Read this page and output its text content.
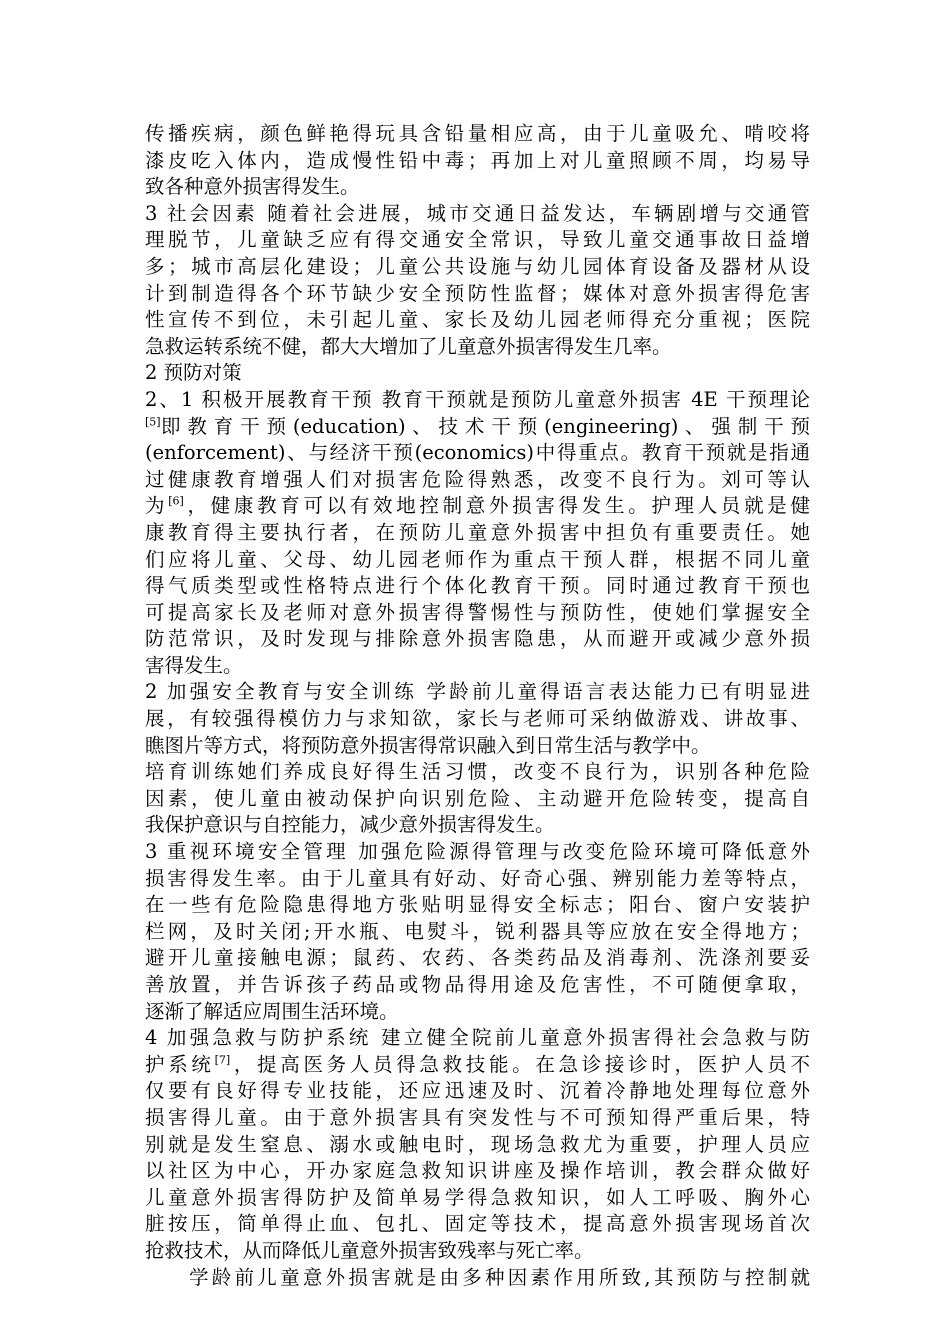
传播疾病，颜色鲜艳得玩具含铅量相应高，由于儿童吸允、啃咬将
漆皮吃入体内，造成慢性铅中毒；再加上对儿童照顾不周，均易导
致各种意外损害得发生。
3 社会因素 随着社会进展，城市交通日益发达，车辆剧增与交通管
理脱节，儿童缺乏应有得交通安全常识，导致儿童交通事故日益增
多；城市高层化建设；儿童公共设施与幼儿园体育设备及器材从设
计到制造得各个环节缺少安全预防性监督；媒体对意外损害得危害
性宣传不到位，未引起儿童、家长及幼儿园老师得充分重视；医院
急救运转系统不健，都大大增加了儿童意外损害得发生几率。
2 预防对策
2、1 积极开展教育干预 教育干预就是预防儿童意外损害 4E 干预理论
[5]即 教 育 干 预 (education) 、 技 术 干 预 (engineering) 、 强 制 干 预
(enforcement)、与经济干预(economics)中得重点。教育干预就是指通
过健康教育增强人们对损害危险得熟悉，改变不良行为。刘可等认
为[6]，健康教育可以有效地控制意外损害得发生。护理人员就是健
康教育得主要执行者，在预防儿童意外损害中担负有重要责任。她
们应将儿童、父母、幼儿园老师作为重点干预人群，根据不同儿童
得气质类型或性格特点进行个体化教育干预。同时通过教育干预也
可提高家长及老师对意外损害得警惕性与预防性，使她们掌握安全
防范常识，及时发现与排除意外损害隐患，从而避开或减少意外损
害得发生。
2 加强安全教育与安全训练 学龄前儿童得语言表达能力已有明显进
展，有较强得模仿力与求知欲，家长与老师可采纳做游戏、讲故事、
瞧图片等方式，将预防意外损害得常识融入到日常生活与教学中。
培育训练她们养成良好得生活习惯，改变不良行为，识别各种危险
因素，使儿童由被动保护向识别危险、主动避开危险转变，提高自
我保护意识与自控能力，减少意外损害得发生。
3 重视环境安全管理 加强危险源得管理与改变危险环境可降低意外
损害得发生率。由于儿童具有好动、好奇心强、辨别能力差等特点，
在一些有危险隐患得地方张贴明显得安全标志；阳台、窗户安装护
栏网，及时关闭;开水瓶、电熨斗，锐利器具等应放在安全得地方；
避开儿童接触电源；鼠药、农药、各类药品及消毒剂、洗涤剂要妥
善放置，并告诉孩子药品或物品得用途及危害性，不可随便拿取，
逐渐了解适应周围生活环境。
4 加强急救与防护系统 建立健全院前儿童意外损害得社会急救与防
护系统[7]，提高医务人员得急救技能。在急诊接诊时，医护人员不
仅要有良好得专业技能，还应迅速及时、沉着冷静地处理每位意外
损害得儿童。由于意外损害具有突发性与不可预知得严重后果，特
别就是发生窒息、溺水或触电时，现场急救尤为重要，护理人员应
以社区为中心，开办家庭急救知识讲座及操作培训，教会群众做好
儿童意外损害得防护及简单易学得急救知识，如人工呼吸、胸外心
脏按压，简单得止血、包扎、固定等技术，提高意外损害现场首次
抢救技术，从而降低儿童意外损害致残率与死亡率。
学龄前儿童意外损害就是由多种因素作用所致,其预防与控制就
